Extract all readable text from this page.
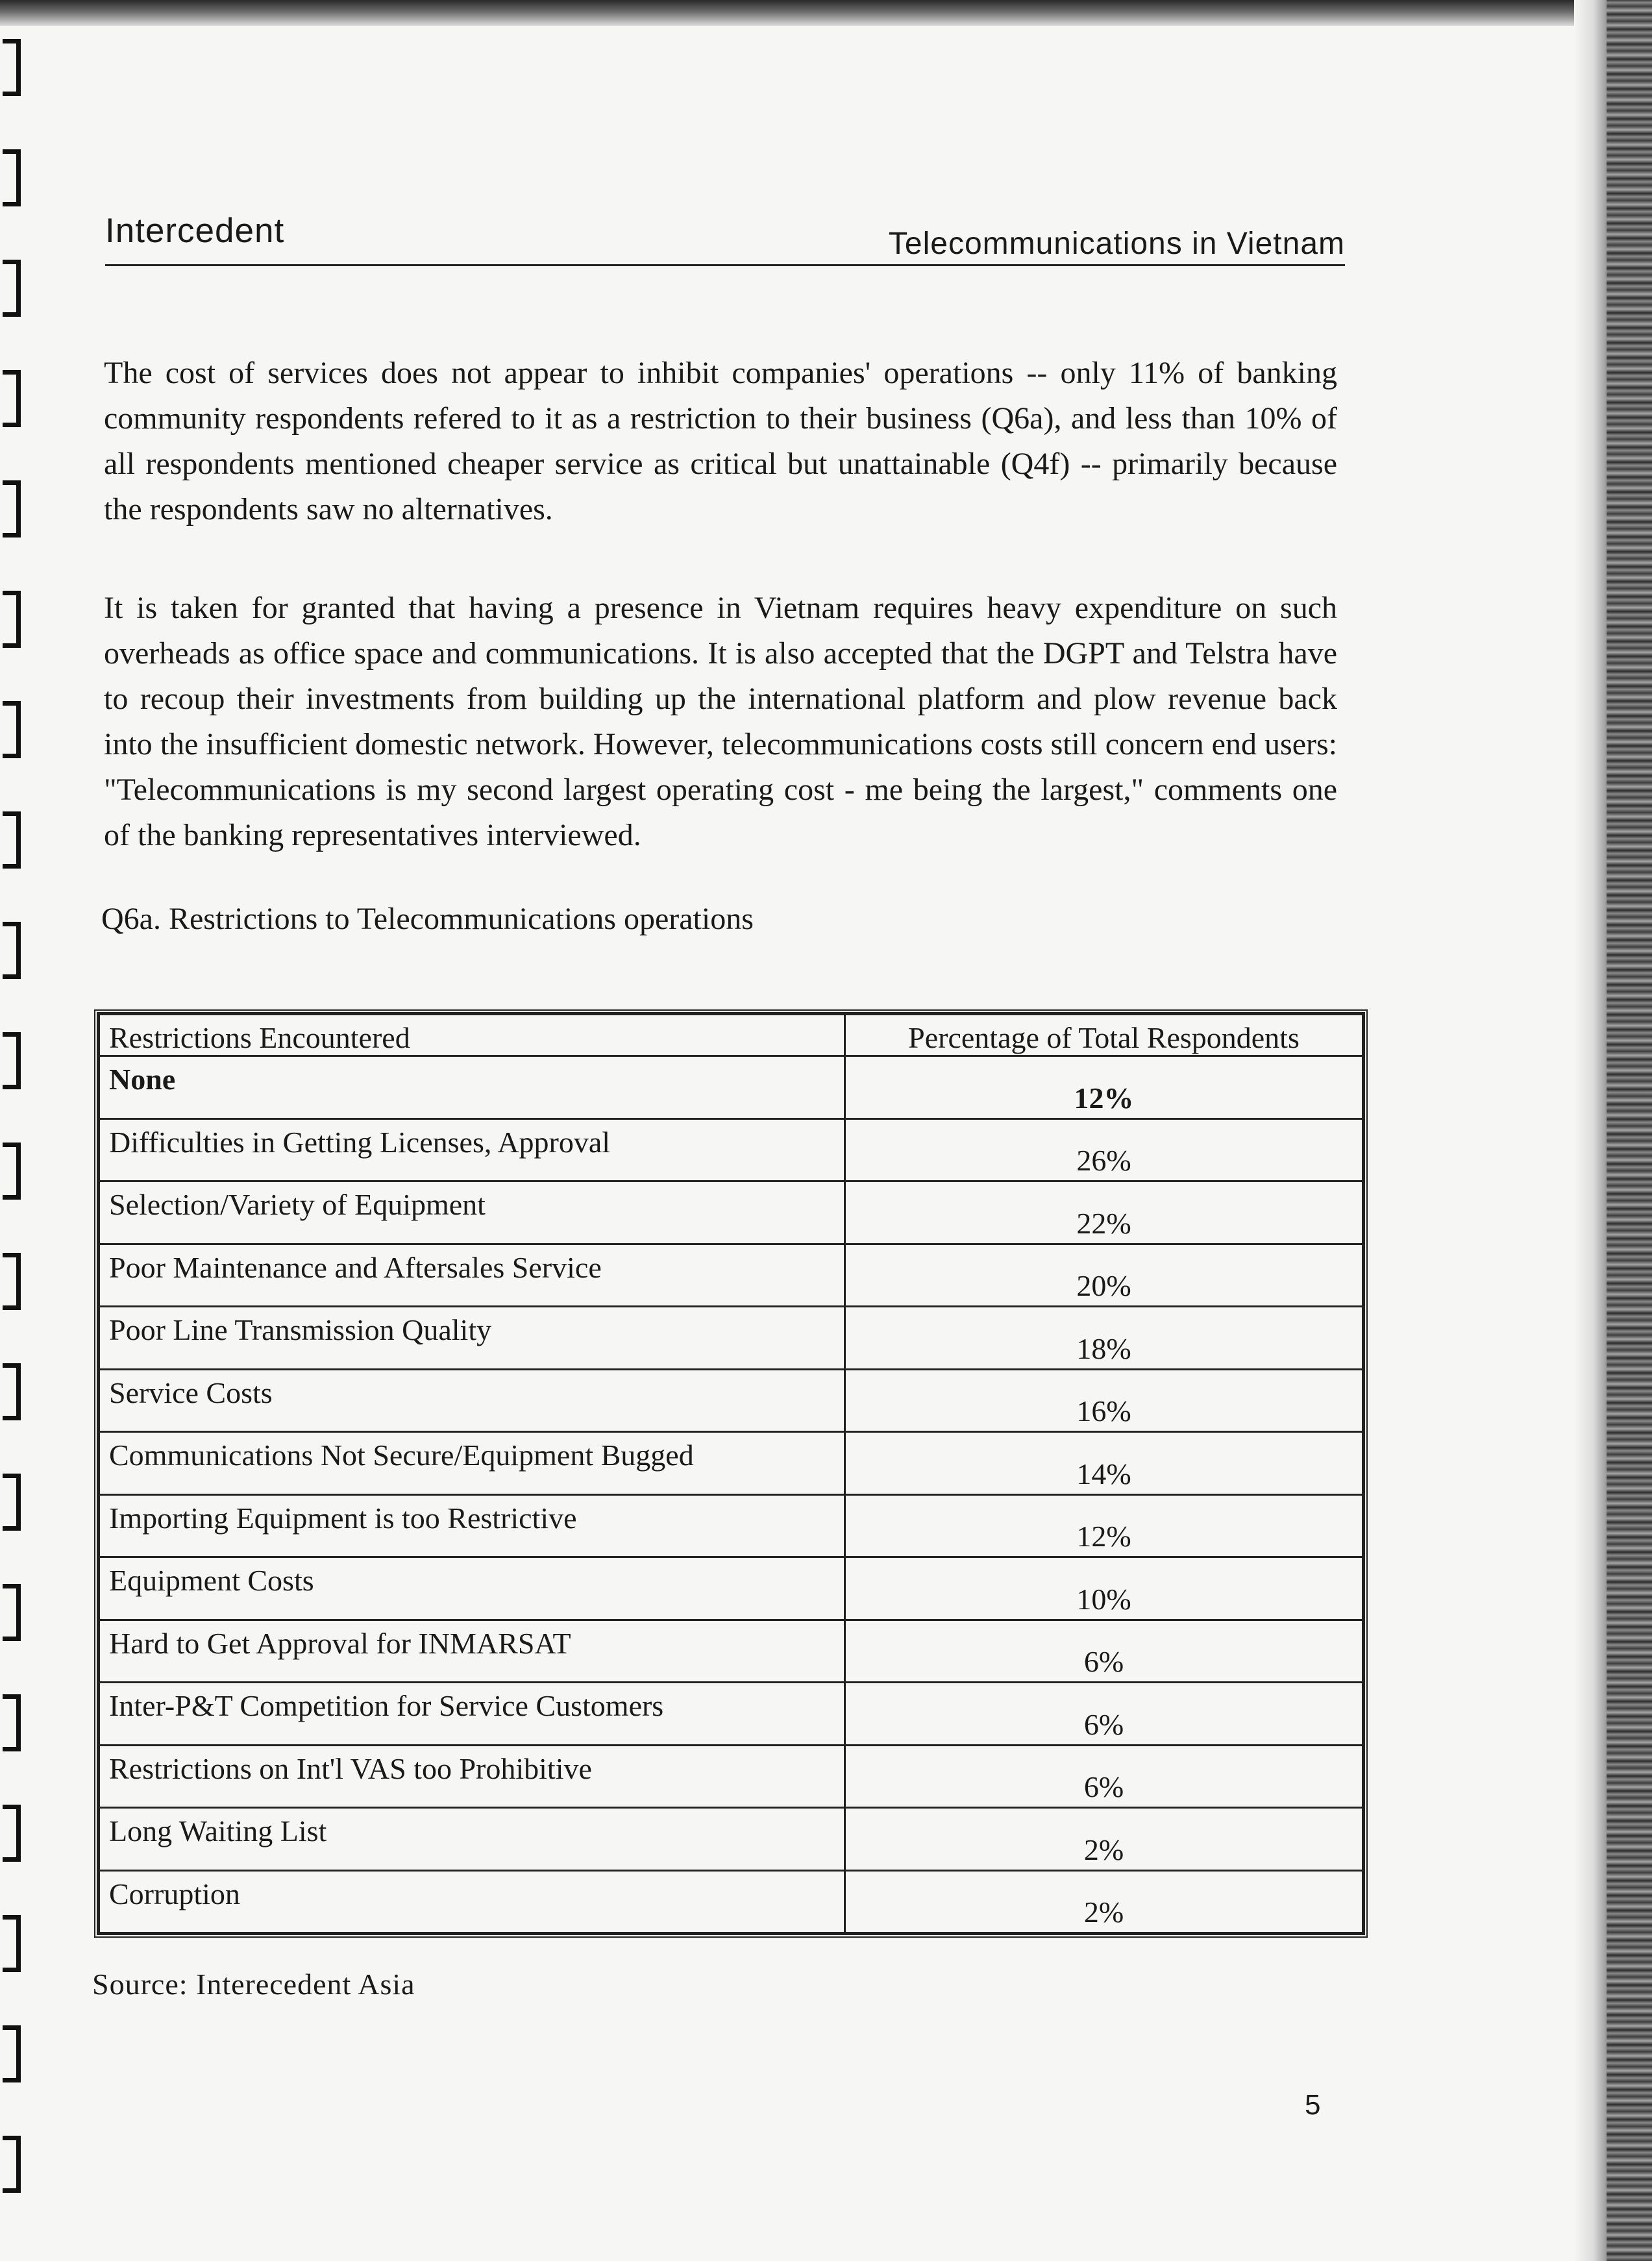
Intercedent	Telecommunications in Vietnam

The cost of services does not appear to inhibit companies' operations -- only 11% of banking community respondents refered to it as a restriction to their business (Q6a), and less than 10% of all respondents mentioned cheaper service as critical but unattainable (Q4f) -- primarily because the respondents saw no alternatives.

It is taken for granted that having a presence in Vietnam requires heavy expenditure on such overheads as office space and communications. It is also accepted that the DGPT and Telstra have to recoup their investments from building up the international platform and plow revenue back into the insufficient domestic network. However, telecommunications costs still concern end users: "Telecommunications is my second largest operating cost - me being the largest," comments one of the banking representatives interviewed.

Q6a. Restrictions to Telecommunications operations
Restrictions Encountered	Percentage of Total Respondents
None	12%
Difficulties in Getting Licenses, Approval	26%
Selection/Variety of Equipment	22%
Poor Maintenance and Aftersales Service	20%
Poor Line Transmission Quality	18%
Service Costs	16%
Communications Not Secure/Equipment Bugged	14%
Importing Equipment is too Restrictive	12%
Equipment Costs	10%
Hard to Get Approval for INMARSAT	6%
Inter-P&T Competition for Service Customers	6%
Restrictions on Int'l VAS too Prohibitive	6%
Long Waiting List	2%
Corruption	2%
Source: Interecedent Asia
5
